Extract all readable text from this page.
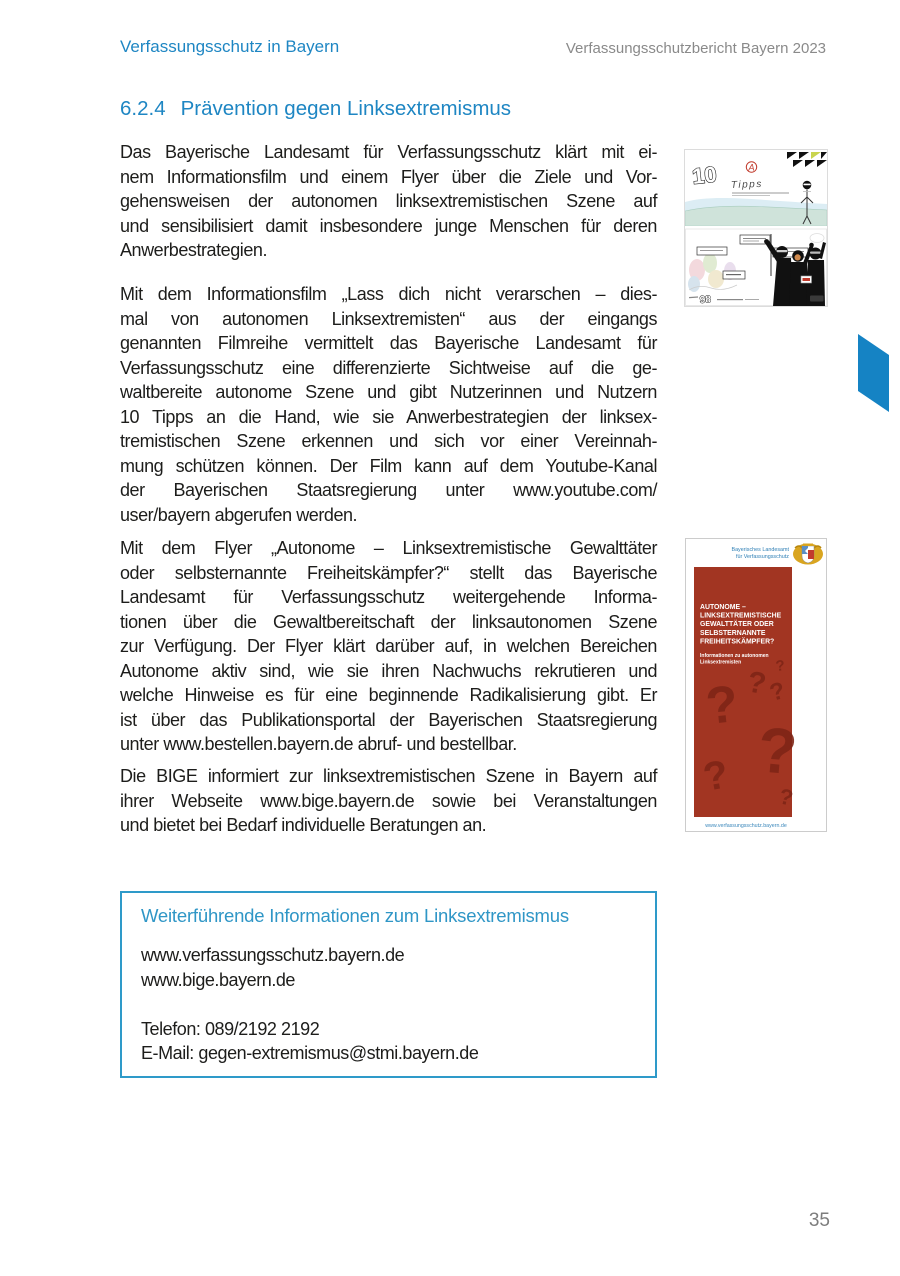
Verfassungsschutz in Bayern	Verfassungsschutzbericht Bayern 2023
6.2.4 Prävention gegen Linksextremismus
Das Bayerische Landesamt für Verfassungsschutz klärt mit ei-
nem Informationsfilm und einem Flyer über die Ziele und Vor-
gehensweisen der autonomen linksextremistischen Szene auf
und sensibilisiert damit insbesondere junge Menschen für deren
Anwerbestrategien.
Mit dem Informationsfilm „Lass dich nicht verarschen – dies-
mal von autonomen Linksextremisten“ aus der eingangs
genannten Filmreihe vermittelt das Bayerische Landesamt für
Verfassungsschutz eine differenzierte Sichtweise auf die ge-
waltbereite autonome Szene und gibt Nutzerinnen und Nutzern
10 Tipps an die Hand, wie sie Anwerbestrategien der linksex-
tremistischen Szene erkennen und sich vor einer Vereinnah-
mung schützen können. Der Film kann auf dem Youtube-Kanal
der Bayerischen Staatsregierung unter www.youtube.com/
user/bayern abgerufen werden.
Mit dem Flyer „Autonome – Linksextremistische Gewalttäter
oder selbsternannte Freiheitskämpfer?“ stellt das Bayerische
Landesamt für Verfassungsschutz weitergehende Informa-
tionen über die Gewaltbereitschaft der linksautonomen Szene
zur Verfügung. Der Flyer klärt darüber auf, in welchen Bereichen
Autonome aktiv sind, wie sie ihren Nachwuchs rekrutieren und
welche Hinweise es für eine beginnende Radikalisierung gibt. Er
ist über das Publikationsportal der Bayerischen Staatsregierung
unter www.bestellen.bayern.de abruf- und bestellbar.
Die BIGE informiert zur linksextremistischen Szene in Bayern auf
ihrer Webseite www.bige.bayern.de sowie bei Veranstaltungen
und bietet bei Bedarf individuelle Beratungen an.
10	A
Tipps
98
Bayerisches Landesamt
für Verfassungsschutz
AUTONOME –
LINKSEXTREMISTISCHE
GEWALTTÄTER ODER
SELBSTERNANNTE
FREIHEITSKÄMPFER?
Informationen zu autonomen
Linksextremisten
? ?
?
?
? ?
?
www.verfassungsschutz.bayern.de
Weiterführende Informationen zum Linksextremismus
www.verfassungsschutz.bayern.de
www.bige.bayern.de

Telefon: 089/2192 2192
E-Mail: gegen-extremismus@stmi.bayern.de
35
